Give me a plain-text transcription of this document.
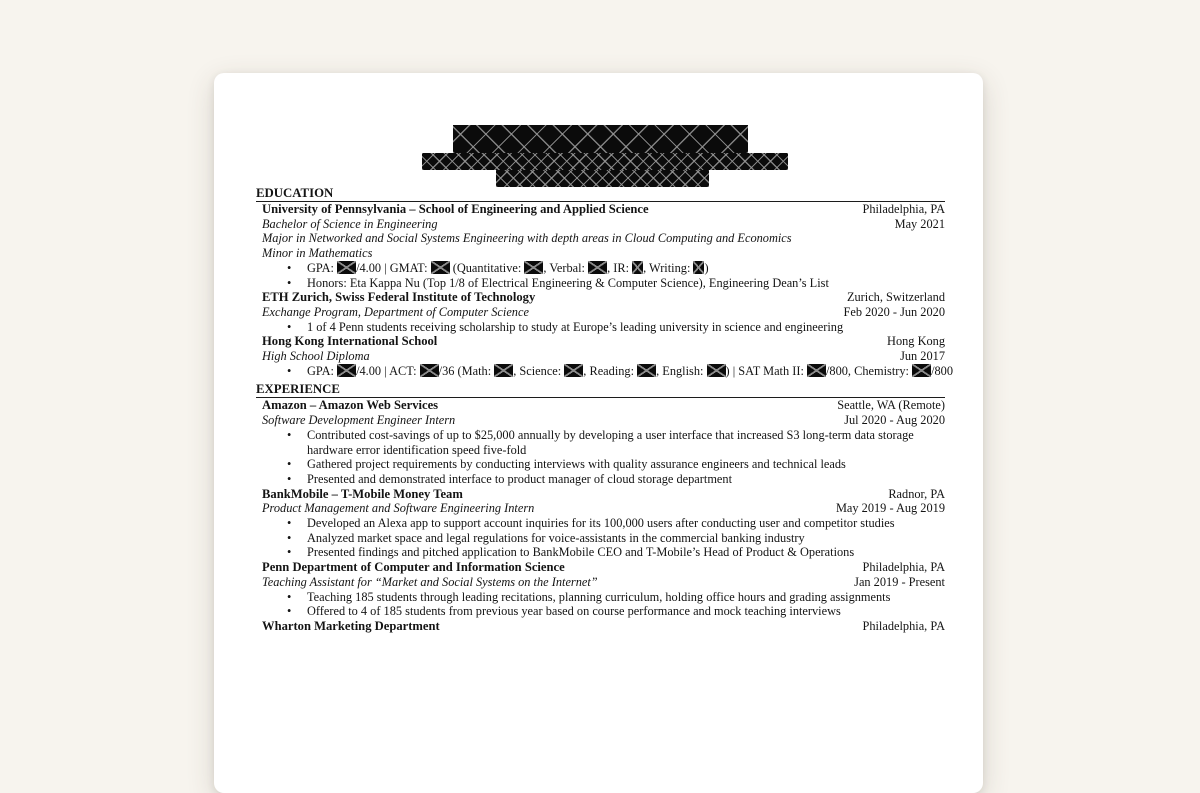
EDUCATION
University of Pennsylvania – School of Engineering and Applied Science	Philadelphia, PA
Bachelor of Science in Engineering	May 2021
Major in Networked and Social Systems Engineering with depth areas in Cloud Computing and Economics
Minor in Mathematics
• GPA: /4.00 | GMAT:  (Quantitative: , Verbal: , IR: , Writing: )
• Honors: Eta Kappa Nu (Top 1/8 of Electrical Engineering & Computer Science), Engineering Dean’s List
ETH Zurich, Swiss Federal Institute of Technology	Zurich, Switzerland
Exchange Program, Department of Computer Science	Feb 2020 - Jun 2020
• 1 of 4 Penn students receiving scholarship to study at Europe’s leading university in science and engineering
Hong Kong International School	Hong Kong
High School Diploma	Jun 2017
• GPA: /4.00 | ACT: /36 (Math: , Science: , Reading: , English: ) | SAT Math II: /800, Chemistry: /800
EXPERIENCE
Amazon – Amazon Web Services	Seattle, WA (Remote)
Software Development Engineer Intern	Jul 2020 - Aug 2020
• Contributed cost-savings of up to $25,000 annually by developing a user interface that increased S3 long-term data storage hardware error identification speed five-fold
• Gathered project requirements by conducting interviews with quality assurance engineers and technical leads
• Presented and demonstrated interface to product manager of cloud storage department
BankMobile – T-Mobile Money Team	Radnor, PA
Product Management and Software Engineering Intern	May 2019 - Aug 2019
• Developed an Alexa app to support account inquiries for its 100,000 users after conducting user and competitor studies
• Analyzed market space and legal regulations for voice-assistants in the commercial banking industry
• Presented findings and pitched application to BankMobile CEO and T-Mobile’s Head of Product & Operations
Penn Department of Computer and Information Science	Philadelphia, PA
Teaching Assistant for “Market and Social Systems on the Internet”	Jan 2019 - Present
• Teaching 185 students through leading recitations, planning curriculum, holding office hours and grading assignments
• Offered to 4 of 185 students from previous year based on course performance and mock teaching interviews
Wharton Marketing Department	Philadelphia, PA
